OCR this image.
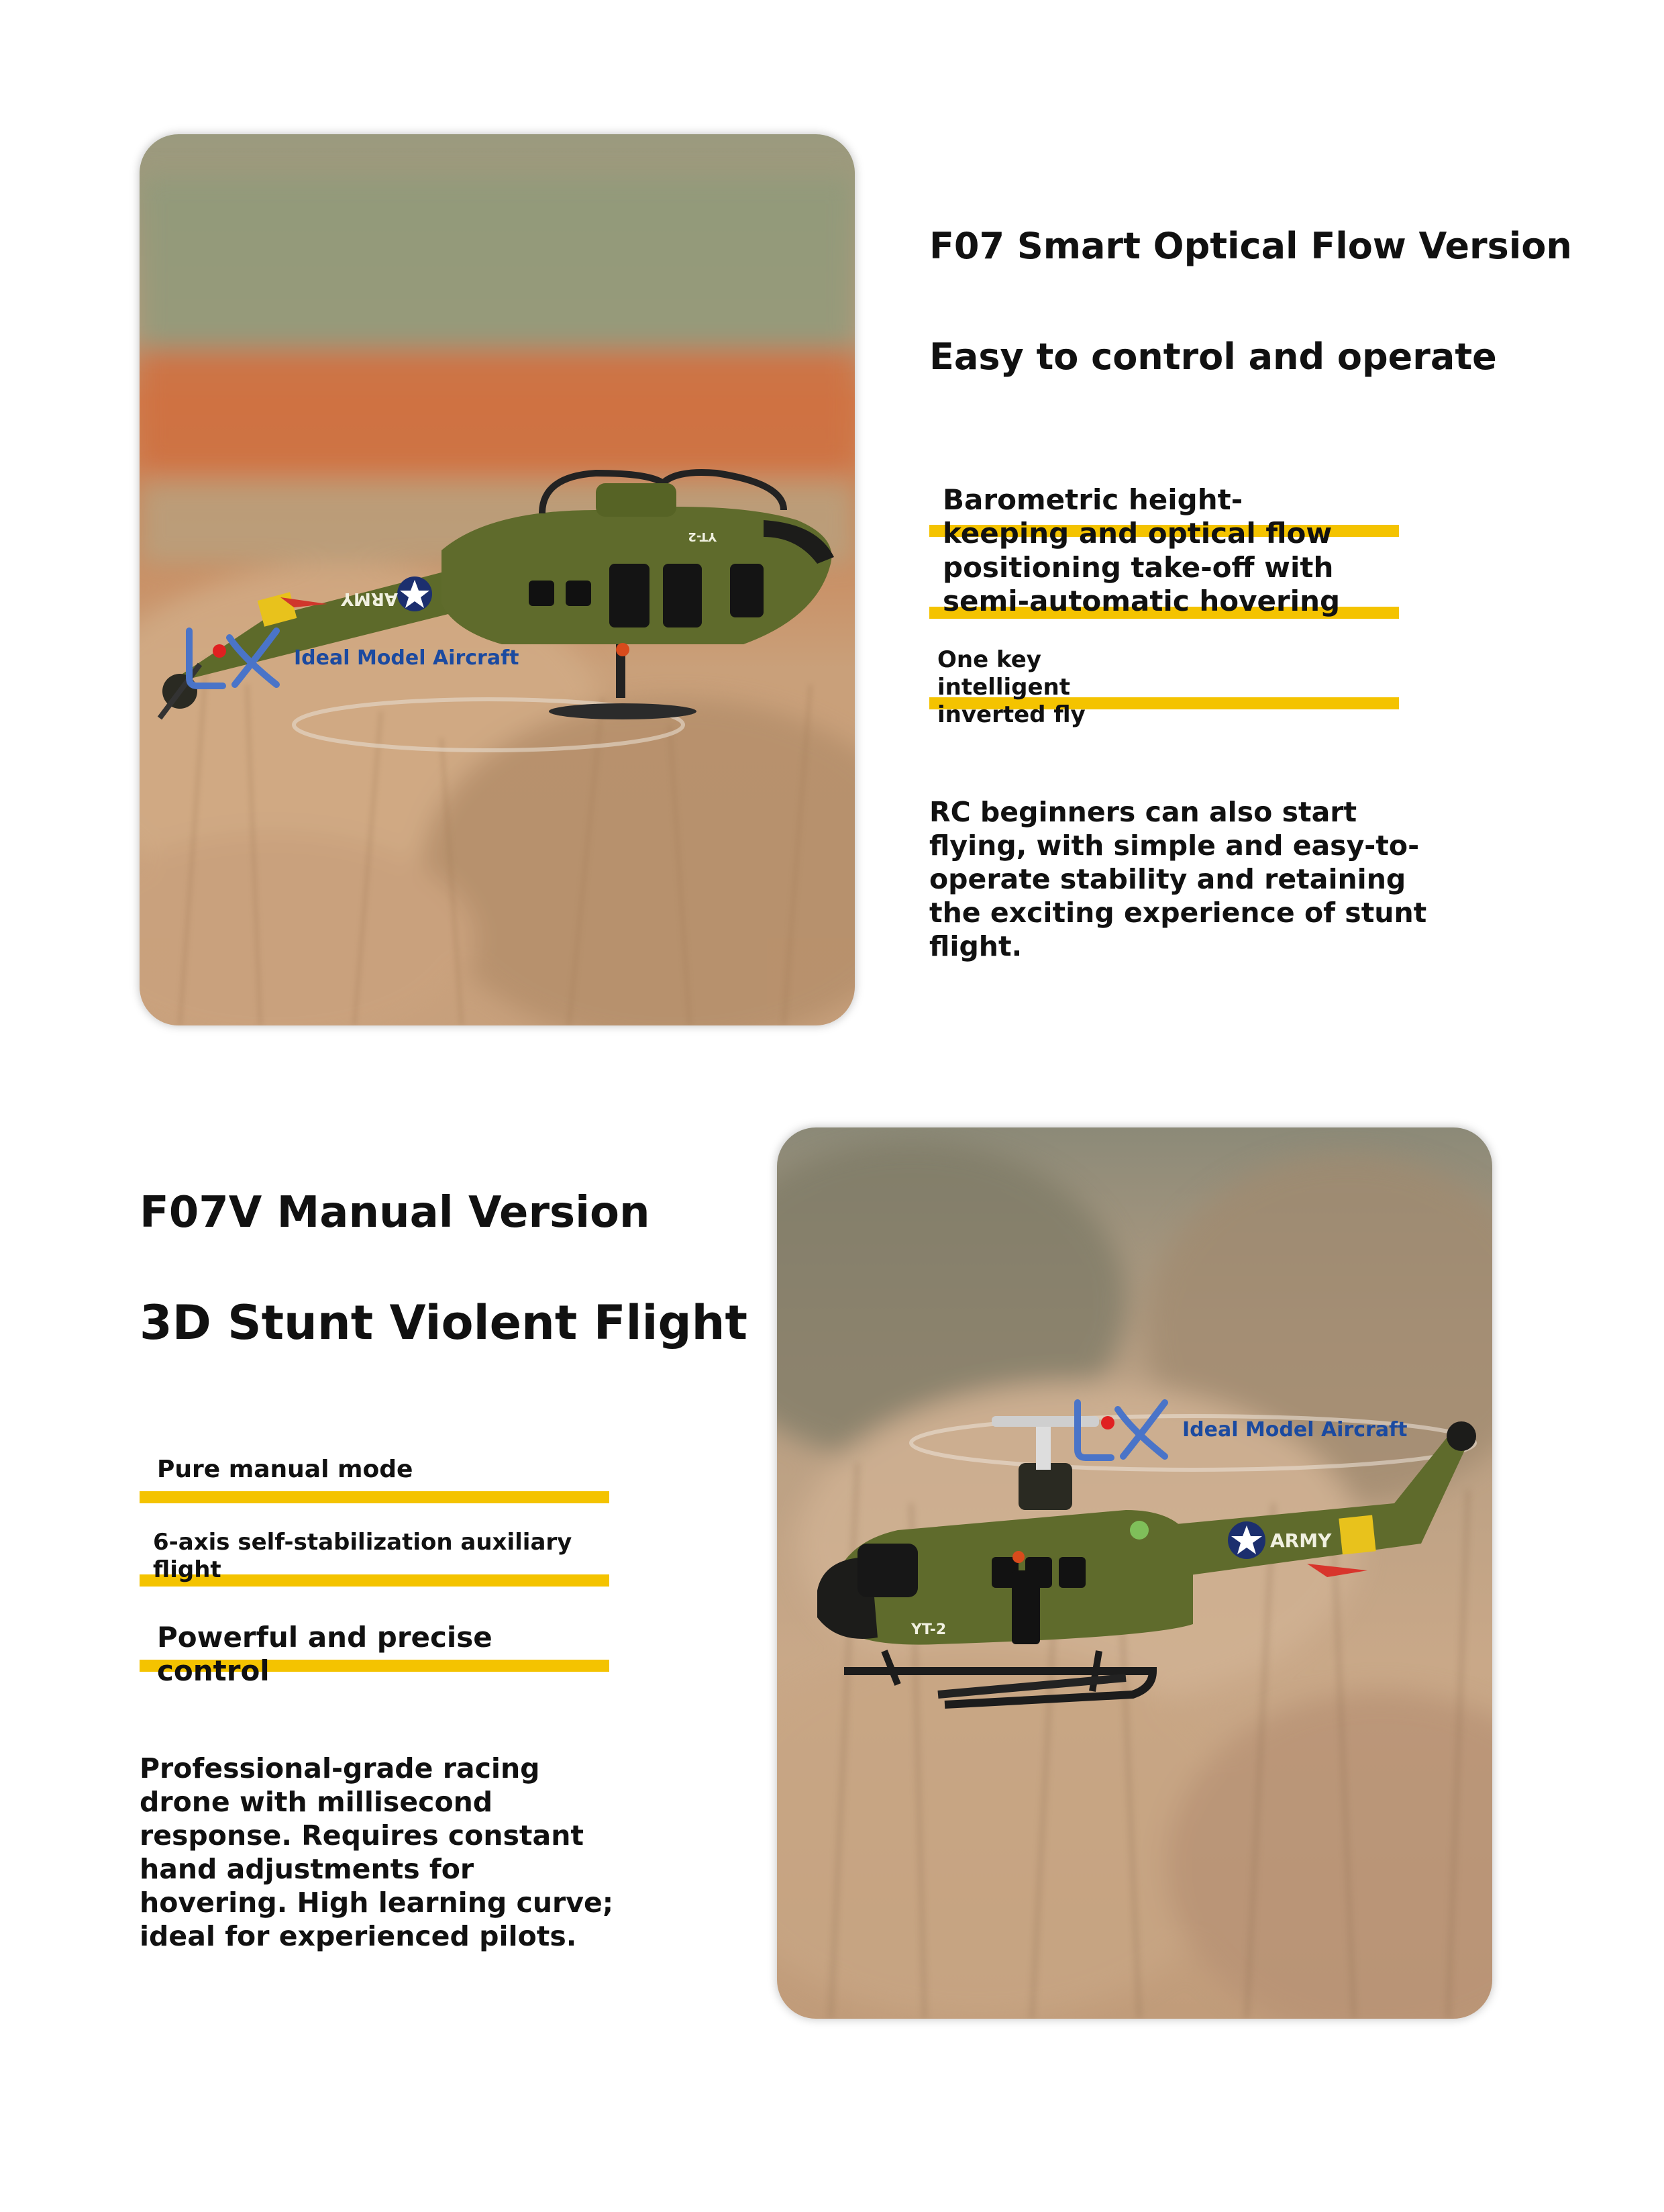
ARMY
YT-2
Ideal Model Aircraft
F07 Smart Optical Flow Version
Easy to control and operate
Barometric height-keeping and optical flow positioning take-off with semi-automatic hovering
One key intelligent inverted fly

RC beginners can also start flying, with simple and easy-to-operate stability and retaining the exciting experience of stunt flight.

F07V Manual Version
3D Stunt Violent Flight
Pure manual mode
6-axis self-stabilization auxiliary flight
Powerful and precise control

Professional-grade racing drone with millisecond response. Requires constant hand adjustments for hovering. High learning curve; ideal for experienced pilots.

ARMY
YT-2
Ideal Model Aircraft
